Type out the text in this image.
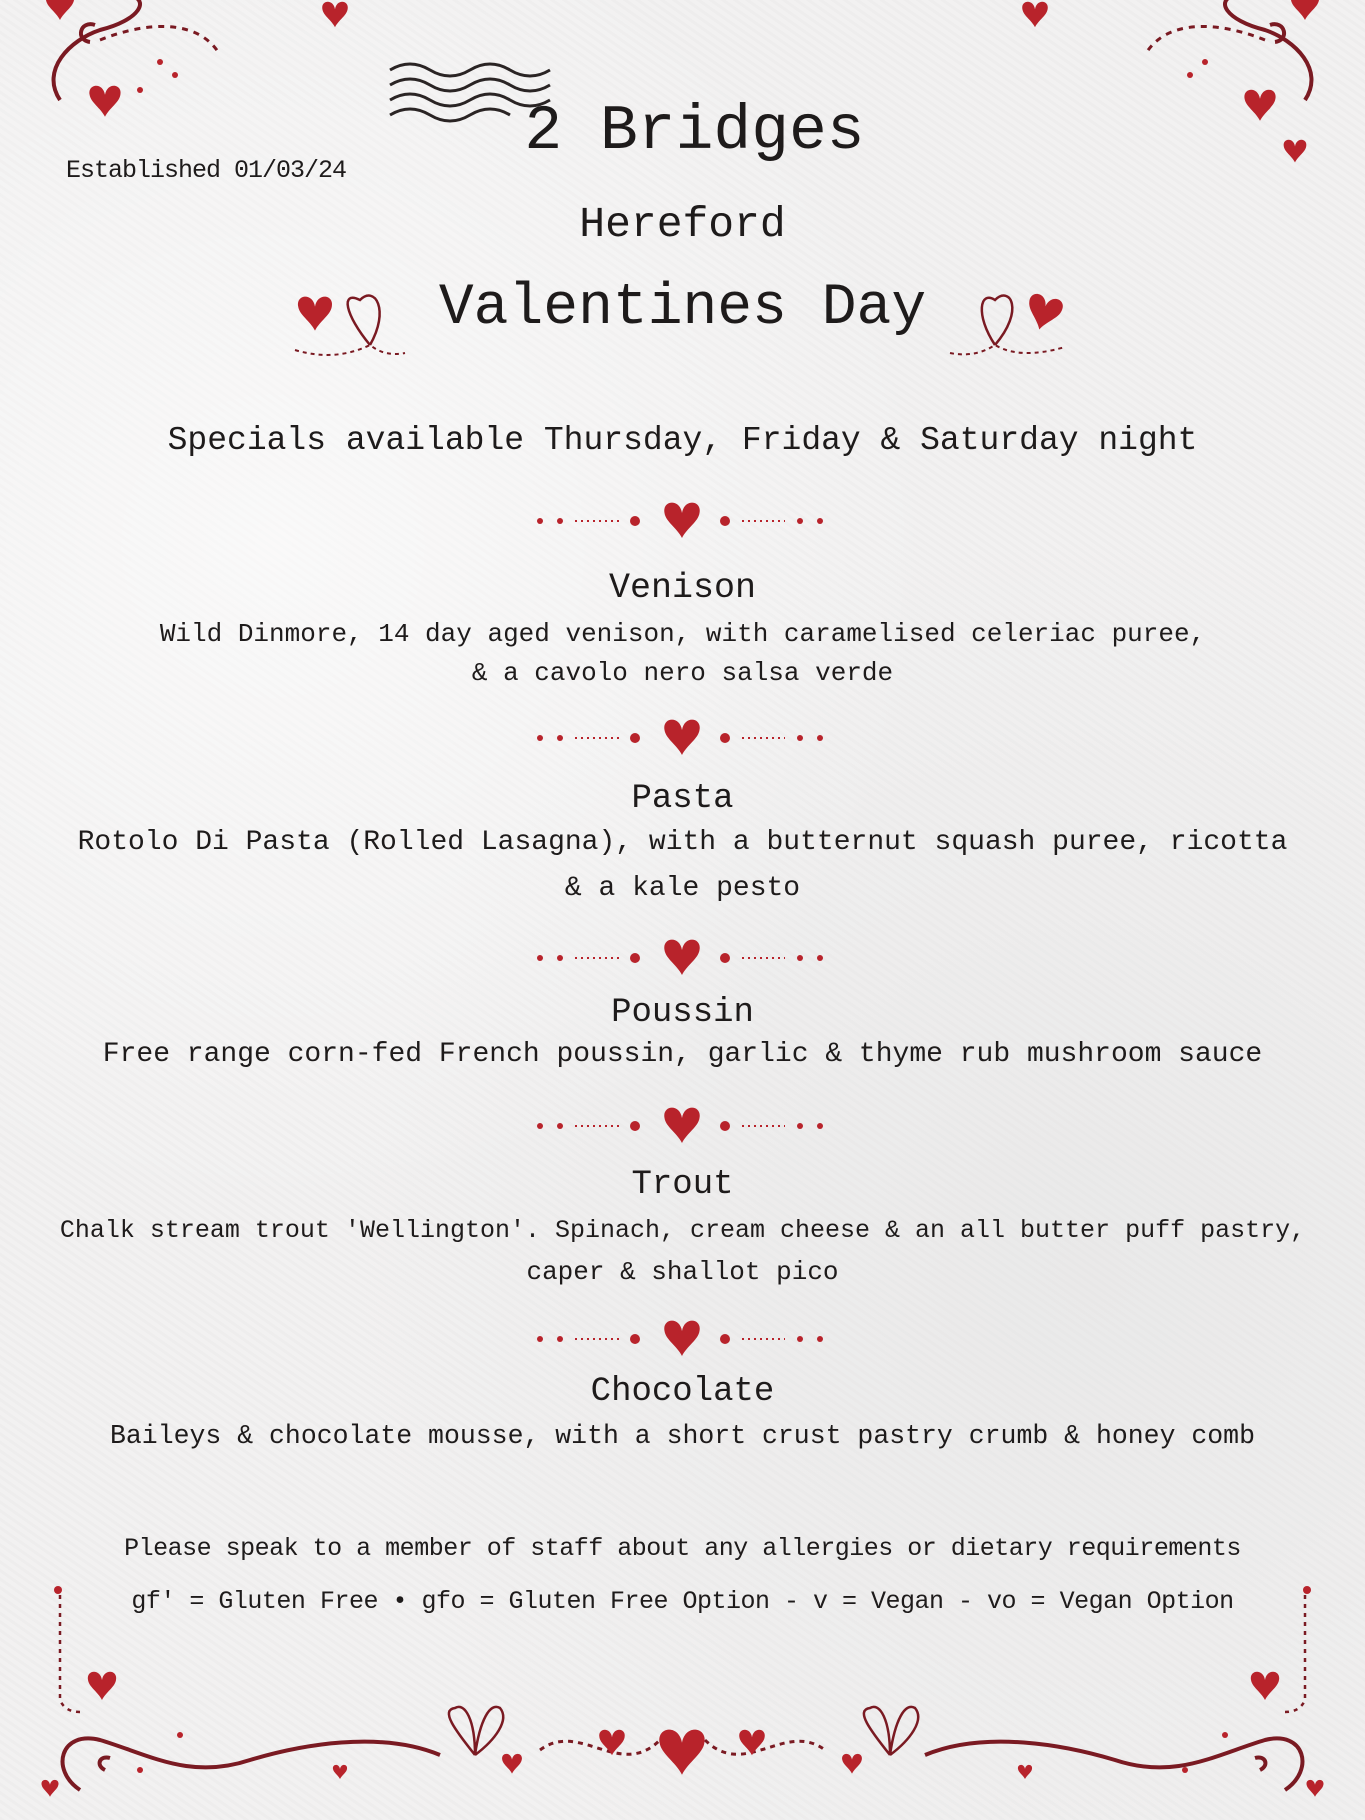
Established 01/03/24
2 Bridges
Hereford
Valentines Day
Specials available Thursday, Friday & Saturday night
Venison
Wild Dinmore, 14 day aged venison, with caramelised celeriac puree,
& a cavolo nero salsa verde
Pasta
Rotolo Di Pasta (Rolled Lasagna), with a butternut squash puree, ricotta
& a kale pesto
Poussin
Free range corn-fed French poussin, garlic & thyme rub mushroom sauce
Trout
Chalk stream trout 'Wellington'. Spinach, cream cheese & an all butter puff pastry,
caper & shallot pico
Chocolate
Baileys & chocolate mousse, with a short crust pastry crumb & honey comb
Please speak to a member of staff about any allergies or dietary requirements
gf' = Gluten Free • gfo = Gluten Free Option - v = Vegan - vo = Vegan Option
